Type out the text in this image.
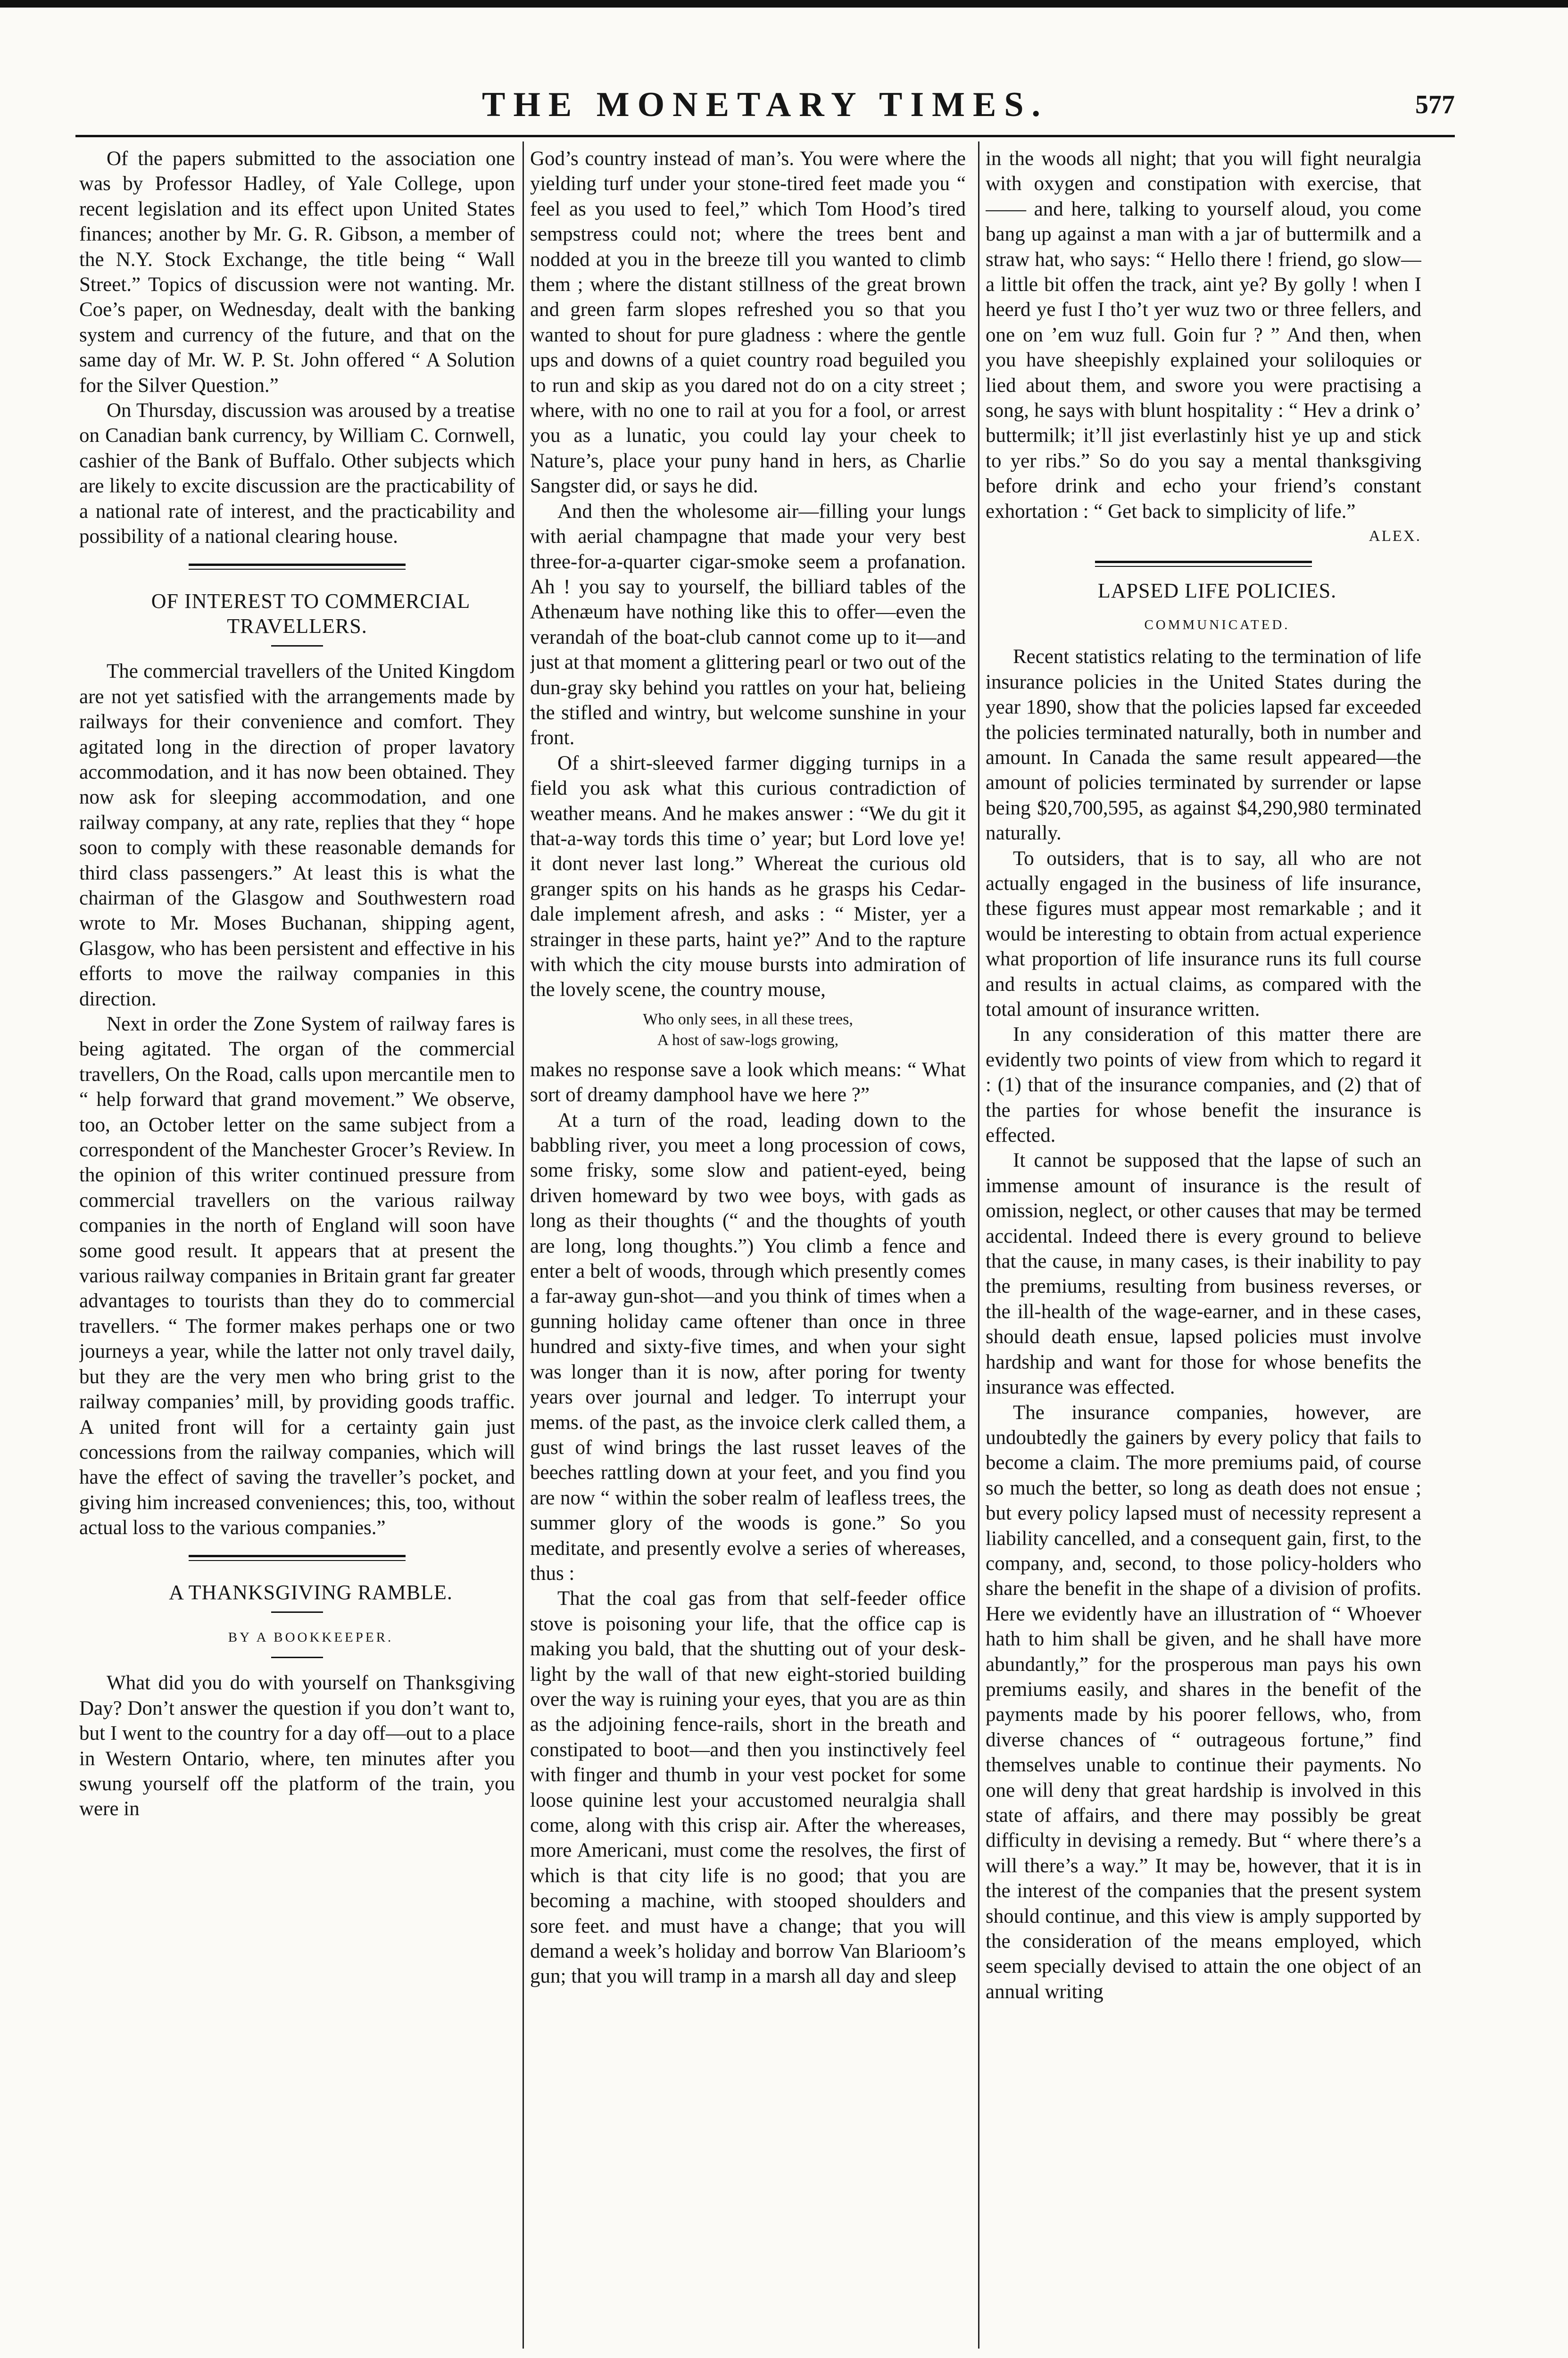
THE MONETARY TIMES.	577

Of the papers submitted to the association one was by Professor Hadley, of Yale College, upon recent legislation and its effect upon United States finances; another by Mr. G. R. Gibson, a member of the N.Y. Stock Exchange, the title being “ Wall Street.” Topics of discussion were not wanting. Mr. Coe’s paper, on Wednesday, dealt with the banking system and currency of the future, and that on the same day of Mr. W. P. St. John offered “ A Solution for the Silver Question.”

On Thursday, discussion was aroused by a treatise on Canadian bank currency, by William C. Cornwell, cashier of the Bank of Buffalo. Other subjects which are likely to excite discussion are the practicability of a national rate of interest, and the practicability and possibility of a national clearing house.

OF INTEREST TO COMMERCIAL TRAVELLERS.

The commercial travellers of the United Kingdom are not yet satisfied with the arrangements made by railways for their convenience and comfort. They agitated long in the direction of proper lavatory accommodation, and it has now been obtained. They now ask for sleeping accommodation, and one railway company, at any rate, replies that they “ hope soon to comply with these reasonable demands for third class passengers.” At least this is what the chairman of the Glasgow and Southwestern road wrote to Mr. Moses Buchanan, shipping agent, Glasgow, who has been persistent and effective in his efforts to move the railway companies in this direction.

Next in order the Zone System of railway fares is being agitated. The organ of the commercial travellers, On the Road, calls upon mercantile men to “ help forward that grand movement.” We observe, too, an October letter on the same subject from a correspondent of the Manchester Grocer’s Review. In the opinion of this writer continued pressure from commercial travellers on the various railway companies in the north of England will soon have some good result. It appears that at present the various railway companies in Britain grant far greater advantages to tourists than they do to commercial travellers. “ The former makes perhaps one or two journeys a year, while the latter not only travel daily, but they are the very men who bring grist to the railway companies’ mill, by providing goods traffic. A united front will for a certainty gain just concessions from the railway companies, which will have the effect of saving the traveller’s pocket, and giving him increased conveniences; this, too, without actual loss to the various companies.”

A THANKSGIVING RAMBLE.

BY A BOOKKEEPER.

What did you do with yourself on Thanksgiving Day? Don’t answer the question if you don’t want to, but I went to the country for a day off—out to a place in Western Ontario, where, ten minutes after you swung yourself off the platform of the train, you were in

God’s country instead of man’s. You were where the yielding turf under your stone-tired feet made you “ feel as you used to feel,” which Tom Hood’s tired sempstress could not; where the trees bent and nodded at you in the breeze till you wanted to climb them ; where the distant stillness of the great brown and green farm slopes refreshed you so that you wanted to shout for pure gladness : where the gentle ups and downs of a quiet country road beguiled you to run and skip as you dared not do on a city street ; where, with no one to rail at you for a fool, or arrest you as a lunatic, you could lay your cheek to Nature’s, place your puny hand in hers, as Charlie Sangster did, or says he did.

And then the wholesome air—filling your lungs with aerial champagne that made your very best three-for-a-quarter cigar-smoke seem a profanation. Ah ! you say to yourself, the billiard tables of the Athenæum have nothing like this to offer—even the verandah of the boat-club cannot come up to it—and just at that moment a glittering pearl or two out of the dun-gray sky behind you rattles on your hat, belieing the stifled and wintry, but welcome sunshine in your front.

Of a shirt-sleeved farmer digging turnips in a field you ask what this curious contradiction of weather means. And he makes answer : “We du git it that-a-way tords this time o’ year; but Lord love ye! it dont never last long.” Whereat the curious old granger spits on his hands as he grasps his Cedar-dale implement afresh, and asks : “ Mister, yer a strainger in these parts, haint ye?” And to the rapture with which the city mouse bursts into admiration of the lovely scene, the country mouse,

Who only sees, in all these trees,
A host of saw-logs growing,

makes no response save a look which means: “ What sort of dreamy damphool have we here ?”

At a turn of the road, leading down to the babbling river, you meet a long procession of cows, some frisky, some slow and patient-eyed, being driven homeward by two wee boys, with gads as long as their thoughts (“ and the thoughts of youth are long, long thoughts.”) You climb a fence and enter a belt of woods, through which presently comes a far-away gun-shot—and you think of times when a gunning holiday came oftener than once in three hundred and sixty-five times, and when your sight was longer than it is now, after poring for twenty years over journal and ledger. To interrupt your mems. of the past, as the invoice clerk called them, a gust of wind brings the last russet leaves of the beeches rattling down at your feet, and you find you are now “ within the sober realm of leafless trees, the summer glory of the woods is gone.” So you meditate, and presently evolve a series of whereases, thus :

That the coal gas from that self-feeder office stove is poisoning your life, that the office cap is making you bald, that the shutting out of your desk-light by the wall of that new eight-storied building over the way is ruining your eyes, that you are as thin as the adjoining fence-rails, short in the breath and constipated to boot—and then you instinctively feel with finger and thumb in your vest pocket for some loose quinine lest your accustomed neuralgia shall come, along with this crisp air. After the whereases, more Americani, must come the resolves, the first of which is that city life is no good; that you are becoming a machine, with stooped shoulders and sore feet. and must have a change; that you will demand a week’s holiday and borrow Van Blarioom’s gun; that you will tramp in a marsh all day and sleep

in the woods all night; that you will fight neuralgia with oxygen and constipation with exercise, that —— and here, talking to yourself aloud, you come bang up against a man with a jar of buttermilk and a straw hat, who says: “ Hello there ! friend, go slow—a little bit offen the track, aint ye? By golly ! when I heerd ye fust I tho’t yer wuz two or three fellers, and one on ’em wuz full. Goin fur ? ” And then, when you have sheepishly explained your soliloquies or lied about them, and swore you were practising a song, he says with blunt hospitality : “ Hev a drink o’ buttermilk; it’ll jist everlastinly hist ye up and stick to yer ribs.” So do you say a mental thanksgiving before drink and echo your friend’s constant exhortation : “ Get back to simplicity of life.”

ALEX.

LAPSED LIFE POLICIES.

COMMUNICATED.

Recent statistics relating to the termination of life insurance policies in the United States during the year 1890, show that the policies lapsed far exceeded the policies terminated naturally, both in number and amount. In Canada the same result appeared—the amount of policies terminated by surrender or lapse being $20,700,595, as against $4,290,980 terminated naturally.

To outsiders, that is to say, all who are not actually engaged in the business of life insurance, these figures must appear most remarkable ; and it would be interesting to obtain from actual experience what proportion of life insurance runs its full course and results in actual claims, as compared with the total amount of insurance written.

In any consideration of this matter there are evidently two points of view from which to regard it : (1) that of the insurance companies, and (2) that of the parties for whose benefit the insurance is effected.

It cannot be supposed that the lapse of such an immense amount of insurance is the result of omission, neglect, or other causes that may be termed accidental. Indeed there is every ground to believe that the cause, in many cases, is their inability to pay the premiums, resulting from business reverses, or the ill-health of the wage-earner, and in these cases, should death ensue, lapsed policies must involve hardship and want for those for whose benefits the insurance was effected.

The insurance companies, however, are undoubtedly the gainers by every policy that fails to become a claim. The more premiums paid, of course so much the better, so long as death does not ensue ; but every policy lapsed must of necessity represent a liability cancelled, and a consequent gain, first, to the company, and, second, to those policy-holders who share the benefit in the shape of a division of profits. Here we evidently have an illustration of “ Whoever hath to him shall be given, and he shall have more abundantly,” for the prosperous man pays his own premiums easily, and shares in the benefit of the payments made by his poorer fellows, who, from diverse chances of “ outrageous fortune,” find themselves unable to continue their payments. No one will deny that great hardship is involved in this state of affairs, and there may possibly be great difficulty in devising a remedy. But “ where there’s a will there’s a way.” It may be, however, that it is in the interest of the companies that the present system should continue, and this view is amply supported by the consideration of the means employed, which seem specially devised to attain the one object of an annual writing
